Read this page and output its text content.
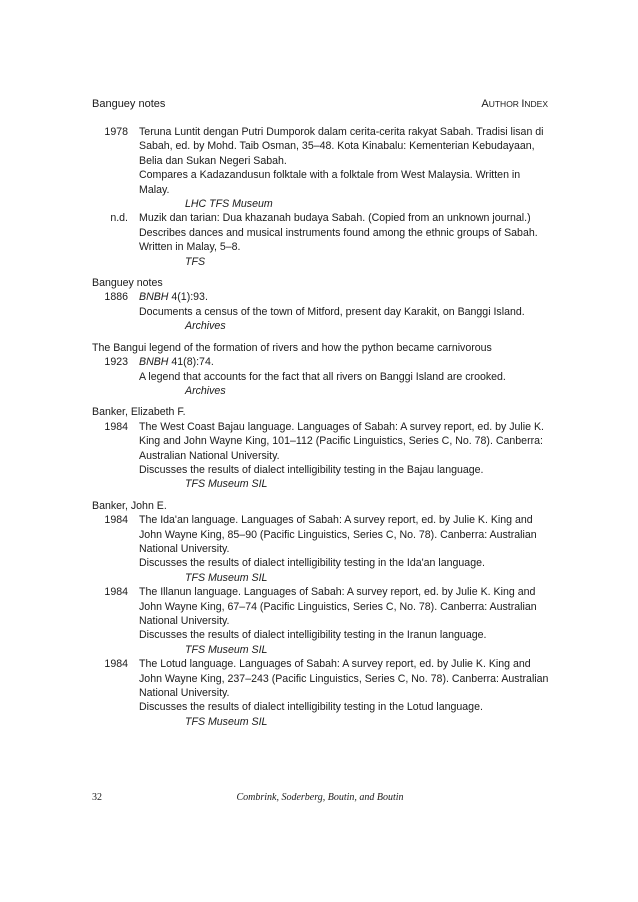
Banguey notes	AUTHOR INDEX
1978 Teruna Luntit dengan Putri Dumporok dalam cerita-cerita rakyat Sabah. Tradisi lisan di Sabah, ed. by Mohd. Taib Osman, 35–48. Kota Kinabalu: Kementerian Kebudayaan, Belia dan Sukan Negeri Sabah.

Compares a Kadazandusun folktale with a folktale from West Malaysia. Written in Malay.

LHC TFS Museum

n.d. Muzik dan tarian: Dua khazanah budaya Sabah. (Copied from an unknown journal.)

Describes dances and musical instruments found among the ethnic groups of Sabah. Written in Malay, 5–8.

TFS

Banguey notes

1886 BNBH 4(1):93.

Documents a census of the town of Mitford, present day Karakit, on Banggi Island.

Archives

The Bangui legend of the formation of rivers and how the python became carnivorous

1923 BNBH 41(8):74.

A legend that accounts for the fact that all rivers on Banggi Island are crooked.

Archives

Banker, Elizabeth F.

1984 The West Coast Bajau language. Languages of Sabah: A survey report, ed. by Julie K. King and John Wayne King, 101–112 (Pacific Linguistics, Series C, No. 78). Canberra: Australian National University.

Discusses the results of dialect intelligibility testing in the Bajau language.

TFS Museum SIL

Banker, John E.

1984 The Ida'an language. Languages of Sabah: A survey report, ed. by Julie K. King and John Wayne King, 85–90 (Pacific Linguistics, Series C, No. 78). Canberra: Australian National University.

Discusses the results of dialect intelligibility testing in the Ida'an language.

TFS Museum SIL

1984 The Illanun language. Languages of Sabah: A survey report, ed. by Julie K. King and John Wayne King, 67–74 (Pacific Linguistics, Series C, No. 78). Canberra: Australian National University.

Discusses the results of dialect intelligibility testing in the Iranun language.

TFS Museum SIL

1984 The Lotud language. Languages of Sabah: A survey report, ed. by Julie K. King and John Wayne King, 237–243 (Pacific Linguistics, Series C, No. 78). Canberra: Australian National University.

Discusses the results of dialect intelligibility testing in the Lotud language.

TFS Museum SIL

32	Combrink, Soderberg, Boutin, and Boutin
